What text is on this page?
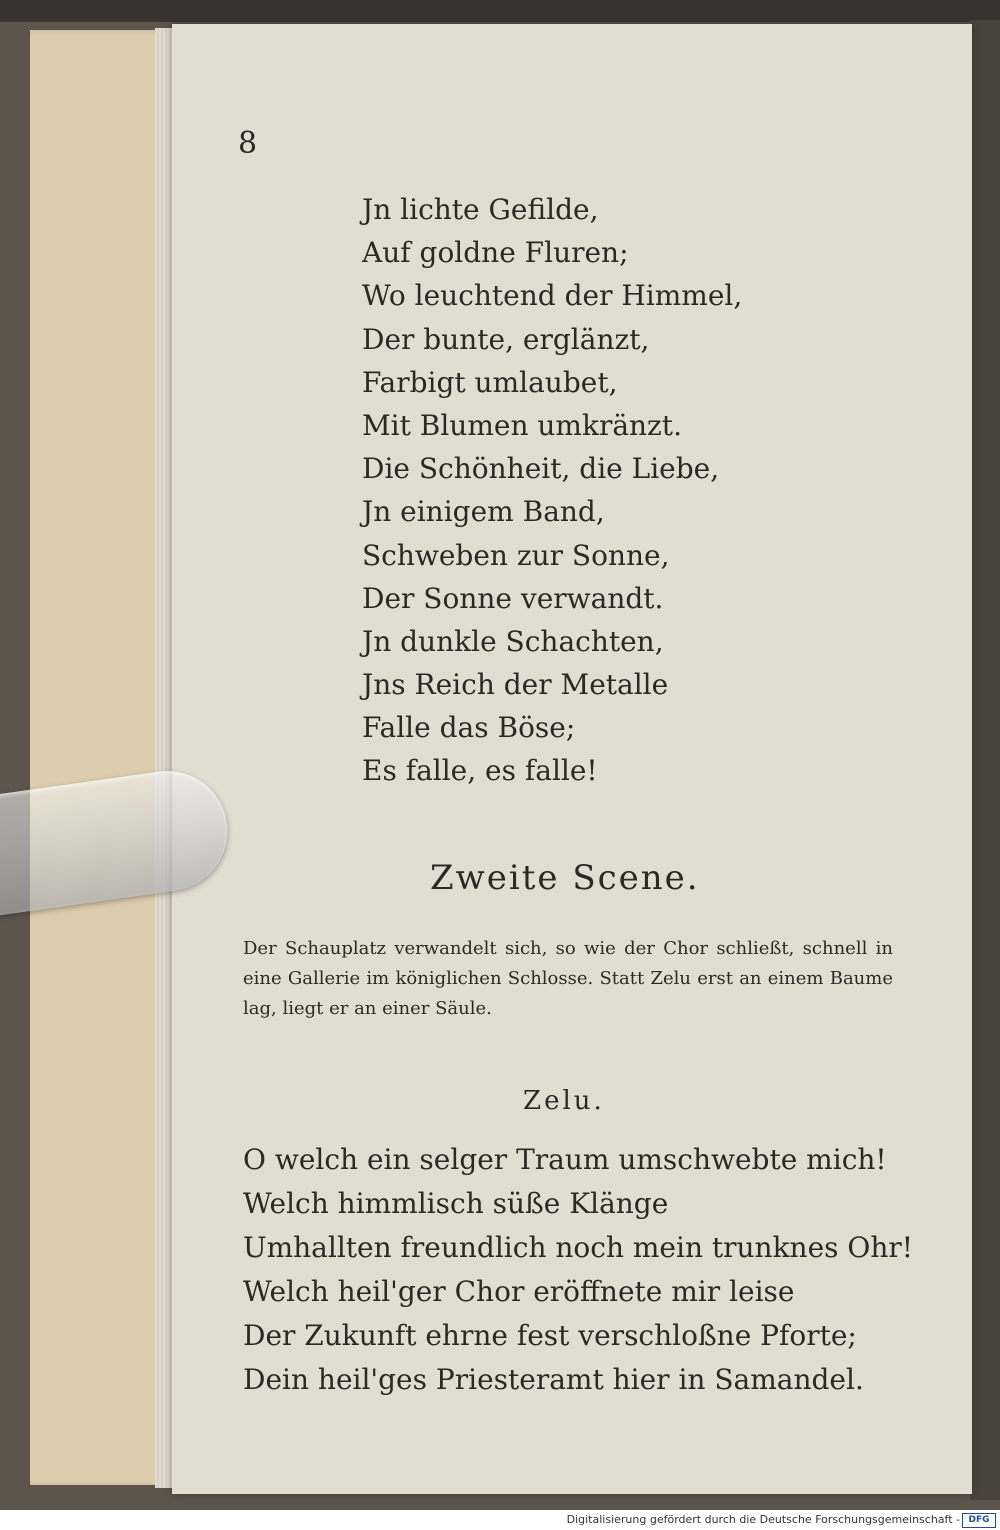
8
Jn lichte Gefilde,
Auf goldne Fluren;
Wo leuchtend der Himmel,
Der bunte, erglänzt,
Farbigt umlaubet,
Mit Blumen umkränzt.
Die Schönheit, die Liebe,
Jn einigem Band,
Schweben zur Sonne,
Der Sonne verwandt.
Jn dunkle Schachten,
Jns Reich der Metalle
Falle das Böse;
Es falle, es falle!
Zweite Scene.
Der Schauplatz verwandelt sich, so wie der Chor schließt, schnell in eine Gallerie im königlichen Schlosse. Statt Zelu erst an einem Baume lag, liegt er an einer Säule.
Zelu.
O welch ein selger Traum umschwebte mich!
Welch himmlisch süße Klänge
Umhallten freundlich noch mein trunknes Ohr!
Welch heil'ger Chor eröffnete mir leise
Der Zukunft ehrne fest verschloßne Pforte;
Dein heil'ges Priesteramt hier in Samandel.
Digitalisierung gefördert durch die Deutsche Forschungsgemeinschaft - DFG
